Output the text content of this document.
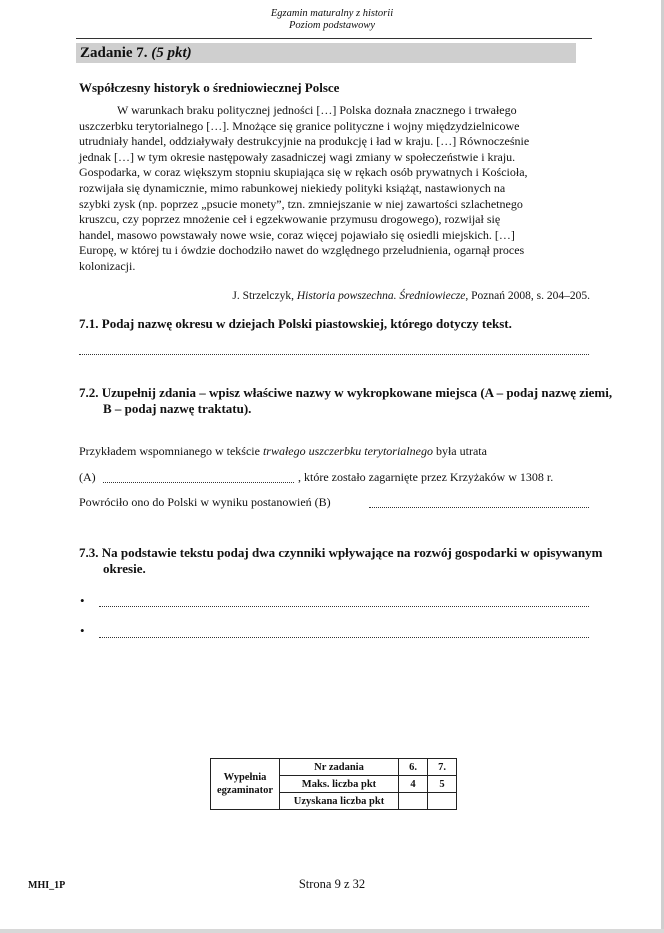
Egzamin maturalny z historii
Poziom podstawowy
Zadanie 7. (5 pkt)
Współczesny historyk o średniowiecznej Polsce
W warunkach braku politycznej jedności […] Polska doznała znacznego i trwałego
uszczerbku terytorialnego […]. Mnożące się granice polityczne i wojny międzydzielnicowe
utrudniały handel, oddziaływały destrukcyjnie na produkcję i ład w kraju. […] Równocześnie
jednak […] w tym okresie następowały zasadniczej wagi zmiany w społeczeństwie i kraju.
Gospodarka, w coraz większym stopniu skupiająca się w rękach osób prywatnych i Kościoła,
rozwijała się dynamicznie, mimo rabunkowej niekiedy polityki książąt, nastawionych na
szybki zysk (np. poprzez „psucie monety”, tzn. zmniejszanie w niej zawartości szlachetnego
kruszcu, czy poprzez mnożenie ceł i egzekwowanie przymusu drogowego), rozwijał się
handel, masowo powstawały nowe wsie, coraz więcej pojawiało się osiedli miejskich. […]
Europę, w której tu i ówdzie dochodziło nawet do względnego przeludnienia, ogarnął proces
kolonizacji.
J. Strzelczyk, Historia powszechna. Średniowiecze, Poznań 2008, s. 204–205.
7.1. Podaj nazwę okresu w dziejach Polski piastowskiej, którego dotyczy tekst.
7.2. Uzupełnij zdania – wpisz właściwe nazwy w wykropkowane miejsca (A – podaj nazwę ziemi, B – podaj nazwę traktatu).
Przykładem wspomnianego w tekście trwałego uszczerbku terytorialnego była utrata
(A)	, które zostało zagarnięte przez Krzyżaków w 1308 r.
Powróciło ono do Polski w wyniku postanowień (B)
7.3. Na podstawie tekstu podaj dwa czynniki wpływające na rozwój gospodarki w opisywanym okresie.
•
•
Wypełnia egzaminator	Nr zadania	6.	7.
	Maks. liczba pkt	4	5
	Uzyskana liczba pkt		
MHI_1P	Strona 9 z 32
